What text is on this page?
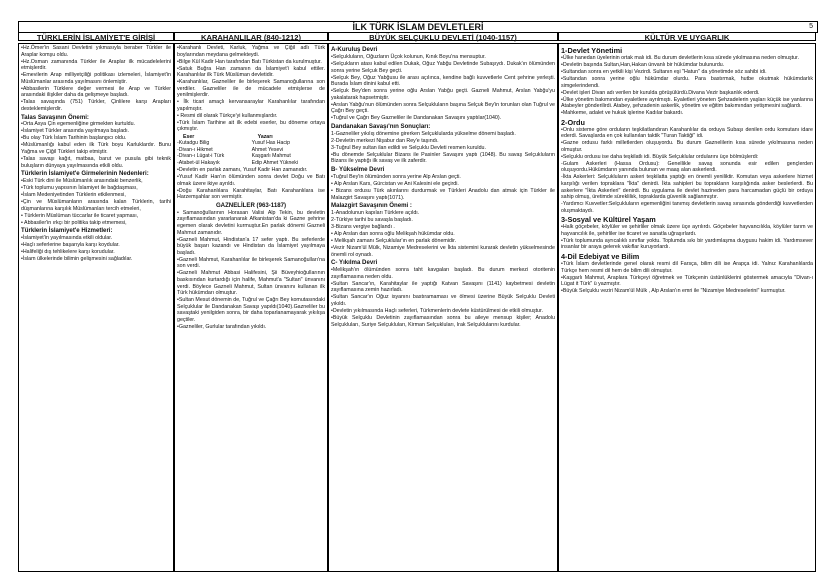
İLK TÜRK İSLAM DEVLETLERİ	5
TÜRKLERİN İSLAMİYET'E GİRİŞİ	KARAHANLILAR (840-1212)	BÜYÜK SELÇUKLU DEVLETİ (1040-1157)	KÜLTÜR VE UYGARLIK

•Hz.Ömer'in Sasani Devletini yıkmasıyla beraber Türkler ile Araplar komşu oldu.

•Hz.Osman zamanında Türkler ile Araplar ilk mücadelelerini etmişlerdir.

•Emevilerin Arap milliyetçiliği politikası izlemeleri, İslamiyet'in Müslümanlar arasında yayılmasını önlemiştir.

•Abbasilerin Türklere değer vermesi ile Arap ve Türkler arasındaki ilişkiler daha da gelişmeye başladı.

•Talas savaşında (751) Türkler, Çinlilere karşı Arapları desteklemişlerdir.

Talas Savaşının Önemi:

•Orta Asya Çin egemenliğine girmekten kurtuldu.

•İslamiyet Türkler arasında yayılmaya başladı.

•Bu olay Türk İslam Tarihinin başlangıcı oldu.

•Müslümanlığı kabul eden ilk Türk boyu Karluklardır. Bunu Yağma ve Çiğil Türkleri takip etmiştir.

•Talas savaşı kağıt, matbaa, barut ve pusula gibi teknik buluşların dünyaya yayılmasında etkili oldu.

Türklerin İslamiyet'e Girmelerinin Nedenleri:

•Eski Türk dini ile Müslümanlık arasındaki benzerlik,

•Türk toplumu yapısının İslamiyet ile bağdaşması,

•İslam Medeniyetinden Türklerin etkilenmesi,

•Çin ve Müslümanların arasında kalan Türklerin, tarihi düşmanlarına karşılık Müslümanları tercih etmeleri,

• Türklerin Müslüman tüccarlar ile ticaret yapması,

• Abbasiler'in ırkçı bir politika takip etmemesi,

Türklerin İslamiyet'e Hizmetleri:

•İslamiyet'in yayılmasında etkili oldular.

•Haçlı seferlerine başarıyla karşı koydular.

•Halifeliği dış tehlikelere karşı korudular.

•İslam ülkelerinde bilimin gelişmesini sağladılar.

•Karahanlı Devleti, Karluk, Yağma ve Çiğil adlı Türk boylarından meydana gelmekteydi.

•Bilge Kül Kadir Han tarafından Batı Türkistan da kurulmuştur.

•Satuk Buğra Han zamanın da İslamiyet'i kabul ettiler. Karahanlılar ilk Türk Müslüman devletidir.

•Karahanlılar, Gazneliler ile birleşerek Samanoğullarına son verdiler. Gazneliler ile de mücadele etmişlerse de yenilmişlerdir.

• İlk ticari amaçlı kervansaraylar Karahanlılar tarafından yapılmıştır.

• Resmi dil olarak Türkçe'yi kullanmışlardır.

•Türk İslam Tarihine ait ilk edebi eserler, bu döneme ortaya çıkmıştır.

Eser	Yazarı
-Kutadgu Bilig	Yusuf Has Hacip
-Divan-ı Hikmet	Ahmet Yesevi
-Divan-ı Lügat-i Türk	Kaşgarlı Mahmut
-Atabet-ül Hakayık	Edip Ahmet Yükneki

•Devletin en parlak zamanı, Yusuf Kadir Han zamanıdır.

•Yusuf Kadir Han'ın ölümünden sonra devlet Doğu ve Batı olmak üzere ikiye ayrıldı.

•Doğu Karahanlılara Karahitaylar, Batı Karahanlılara ise Harzemşahlar son vermiştir.

GAZNELİLER (963-1187)

• Samanoğullarının Horasan Valisi Alp Tekin, bu devletin zayıflamasından yararlanarak Afkanistan'da ki Gazne şehrine egemen olarak devletini kurmuştur.En parlak dönemi Gazneli Mahmut zamanıdır.

•Gazneli Mahmut, Hindistan'a 17 sefer yaptı. Bu seferlerde büyük başarı kazandı ve Hindistan da İslamiyet yayılmaya başladı.

•Gazneli Mahmut, Karahanlılar ile birleşerek Samanoğulları'na son verdi.

•Gazneli Mahmut Abbasi Halifesini, Şii Büveyhioğullarının baskısından kurtardığı için halife, Mahmut'a "Sultan" ünvanını verdi. Böylece Gazneli Mahmut, Sultan ünvanını kullanan ilk Türk hükümdarı olmuştur.

•Sultan Mesut dönemin de, Tuğrul ve Çağrı Bey komutasındaki Selçuklular ile Dandanakan Savaşı yapıldı(1040).Gazneliler bu savaştaki yenilgiden sonra, bir daha toparlanamayarak yıkılışa geçtiler.

•Gazneliler, Gurlular tarafından yıkıldı.

A-Kuruluş Devri

•Selçukluların, Oğuzların Üçok kolunun, Kınık Boyu'na mensuptur.

•Selçukların atası kabul edilen Dukak, Oğuz Yabğu Devletinde Subaşıydı. Dukak'ın ölümünden sonra yerine Selçuk Bey geçti.

•Selçuk Bey, Oğuz Yabğusu ile arası açılınca, kendine bağlı kuvvetlerle Cent şehrine yerleşti. Burada İslam dinini kabul etti.

•Selçuk Bey'den sonra yerine oğlu Arslan Yabğu geçti. Gazneli Mahmut, Arslan Yabğu'yu yakalatarak hapsetmiştir.

•Arslan Yabğu'nun ölümünden sonra Selçukluların başına Selçuk Bey'in torunları olan Tuğrul ve Çağrı Bey geçti.

•Tuğrul ve Çağrı Bey Gazneliler ile Dandanakan Savaşını yaptılar(1040).

Dandanakan Savaşı'nın Sonuçları:

1-Gazneliler yıkılış dönemine girerken Selçuklularda yükselme dönemi başladı.

2-Devletin merkezi Nişabur dan Rey'e taşındı.

3-Tuğrul Bey sultan ilan edildi ve Selçuklu Devleti resmen kuruldu.

•Bu dönemde Selçuklular Bizans ile Pasinler Savaşını yaptı (1048). Bu savaş Selçukluların Bizans ile yaptığı ilk savaş ve ilk zaferdir.

B- Yükselme Devri

•Tuğrul Bey'in ölümünden sonra yerine Alp Arslan geçti.

• Alp Arslan Kars, Gürcistan ve Ani Kalesini ele geçirdi.

• Bizans ordusu Türk akınlarını durdurmak ve Türkleri Anadolu dan atmak için Türkler ile Malazgirt Savaşını yaptı(1071).

Malazgirt Savaşının Önemi :

1-Anadolunun kapıları Türklere açıldı.

2-Türkiye tarihi bu savaşla başladı.

3-Bizans vergiye bağlandı .

• Alp Arslan dan sonra oğlu Melikşah hükümdar oldu.

• Melikşah zamanı Selçuklular'ın en parlak dönemidir.

•Vezir Nizam'ül Mülk, Nizamiye Medreselerini ve İkta sistemini kurarak devletin yükselmesinde önemli rol oynadı.

C- Yıkılma Devri

•Melikşah'ın ölümünden sonra taht kavgaları başladı. Bu durum merkezi otoritenin zayıflamasına neden oldu.

•Sultan Sancar'ın, Karahitaylar ile yaptığı Katvan Savaşını (1141) kaybetmesi devletin zayıflamasına zemin hazırladı.

•Sultan Sancar'ın Oğuz isyanını bastıramaması ve ölmesi üzerine Büyük Selçuklu Devleti yıkıldı.

•Devletin yıkılmasında Haçlı seferleri, Türkmenlerin devlete küstürülmesi de etkili olmuştur.

•Büyük Selçuklu Devletinin zayıflamasından sonra bu aileye mensup kişiler; Anadolu Selçukluları, Suriye Selçukluları, Kirman Selçukluları, Irak Selçuklularını kurdular.

1-Devlet Yönetimi

•Ülke hanedan üyelerinin ortak malı idi. Bu durum devletlerin kısa sürede yıkılmasına neden olmuştur.

•Devletin başında Sultan,Han,Hakan ünvanlı bir hükümdar bulunurdu.

•Sultandan sonra en yetkili kişi Vezirdi. Sultanın eşi "Hatun" da yönetimde söz sahibi idi.

•Sultandan sonra yerine oğlu hükümdar olurdu. Para bastırmak, hutbe okutmak hükümdarlık simgelerindendi.

•Devlet işleri Divan adı verilen bir kurulda görüşülürdü.Divana Vezir başkanlık ederdi.

•Ülke yönetim bakımından eyaletlere ayrılmıştı. Eyaletleri yöneten Şehzadelerin yaşları küçük ise yanlarına Atabeyler gönderilirdi. Atabey, şehzadenin askerlik, yönetim ve eğitim bakımından yetişmesini sağlardı.

•Mahkeme, adalet ve hukuk işlerine Kadılar bakardı.

2-Ordu

•Onlu sisteme göre orduların teşkilatlandıran Karahanlılar da orduya Subaşı denilen ordu komutanı idare ederdi. Savaşlarda en çok kullanılan taktik "Turan Taktiği" idi.

•Gazne ordusu farklı milletlerden oluşuyordu. Bu durum Gaznelilerin kısa sürede yıkılmasına neden olmuştur.

•Selçuklu ordusu ise daha teşkilatlı idi. Büyük Selçuklular ordularını üçe bölmüşlerdi:

-Gulam Askerleri (Hassa Ordusu): Genellikle savaş sonunda esir edilen gençlerden oluşuyordu.Hükümdarın yanında bulunan ve maaş alan askerlerdi.

-İkta Askerleri: Selçukluların askeri teşkilatta yaptığı en önemli yeniliktir. Komutan veya askerlere hizmet karşılığı verilen topraklara "İkta" denirdi. İkta sahipleri bu toprakların karşılığında asker beslerlerdi. Bu askerlere "İkta Askerleri" denirdi. Bu uygulama ile devlet hazineden para harcamadan güçlü bir orduya sahip olmuş, üretimde sürekliliık, topraklarda güvenlik sağlanmıştır.

-Yardımcı Kuvvetler:Selçukluların egemenliğini tanımış devletlerin savaş sırasında gönderdiği kuvvetlerden oluşmaktaydı.

3-Sosyal ve Kültürel Yaşam

•Halk göçebeler, köylüler ve şehirliler olmak üzere üçe ayrılırdı. Göçebeler hayvancılıkla, köylüler tarım ve hayvancılık ile, şehirliler ise ticaret ve sanatla uğraşırlardı.

•Türk toplumunda ayrıcalıklı sınıflar yoktu. Toplumda sıkı bir yardımlaşma duygusu hakim idi. Yardımsever insanlar bir araya gelerek vakıflar kuruyorlardı.

4-Dil Edebiyat ve Bilim

•Türk İslam devletlerinde genel olarak resmi dil Farsça, bilim dili ise Arapça idi. Yalnız Karahanlılarda Türkçe hem resmi dil hem de bilim dili olmuştur.

•Kaşgarlı Mahmut, Araplara Türkçeyi öğretmek ve Türkçenin üstünlüklerini göstermek amacıyla "Divan-ı Lügat it Türk" ü yazmıştır.

•Büyük Selçuklu veziri Nizam'ül Mülk , Alp Arslan'ın emri ile "Nizamiye Medreselerini" kurmuştur.
